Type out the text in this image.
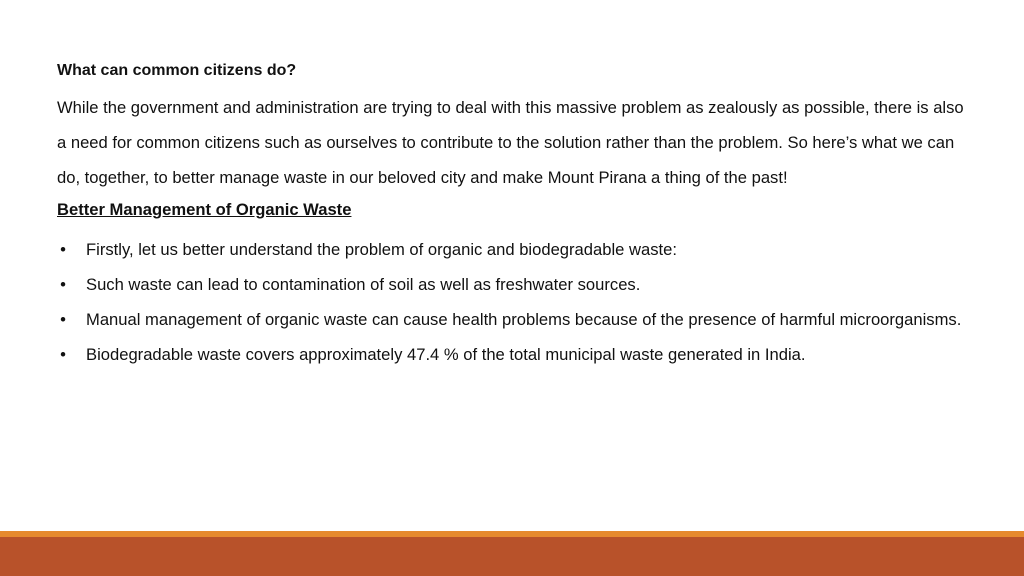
What can common citizens do?

While the government and administration are trying to deal with this massive problem as zealously as possible, there is also a need for common citizens such as ourselves to contribute to the solution rather than the problem. So here’s what we can do, together, to better manage waste in our beloved city and make Mount Pirana a thing of the past!

Better Management of Organic Waste
• Firstly, let us better understand the problem of organic and biodegradable waste:
• Such waste can lead to contamination of soil as well as freshwater sources.
• Manual management of organic waste can cause health problems because of the presence of harmful microorganisms.
• Biodegradable waste covers approximately 47.4 % of the total municipal waste generated in India.
